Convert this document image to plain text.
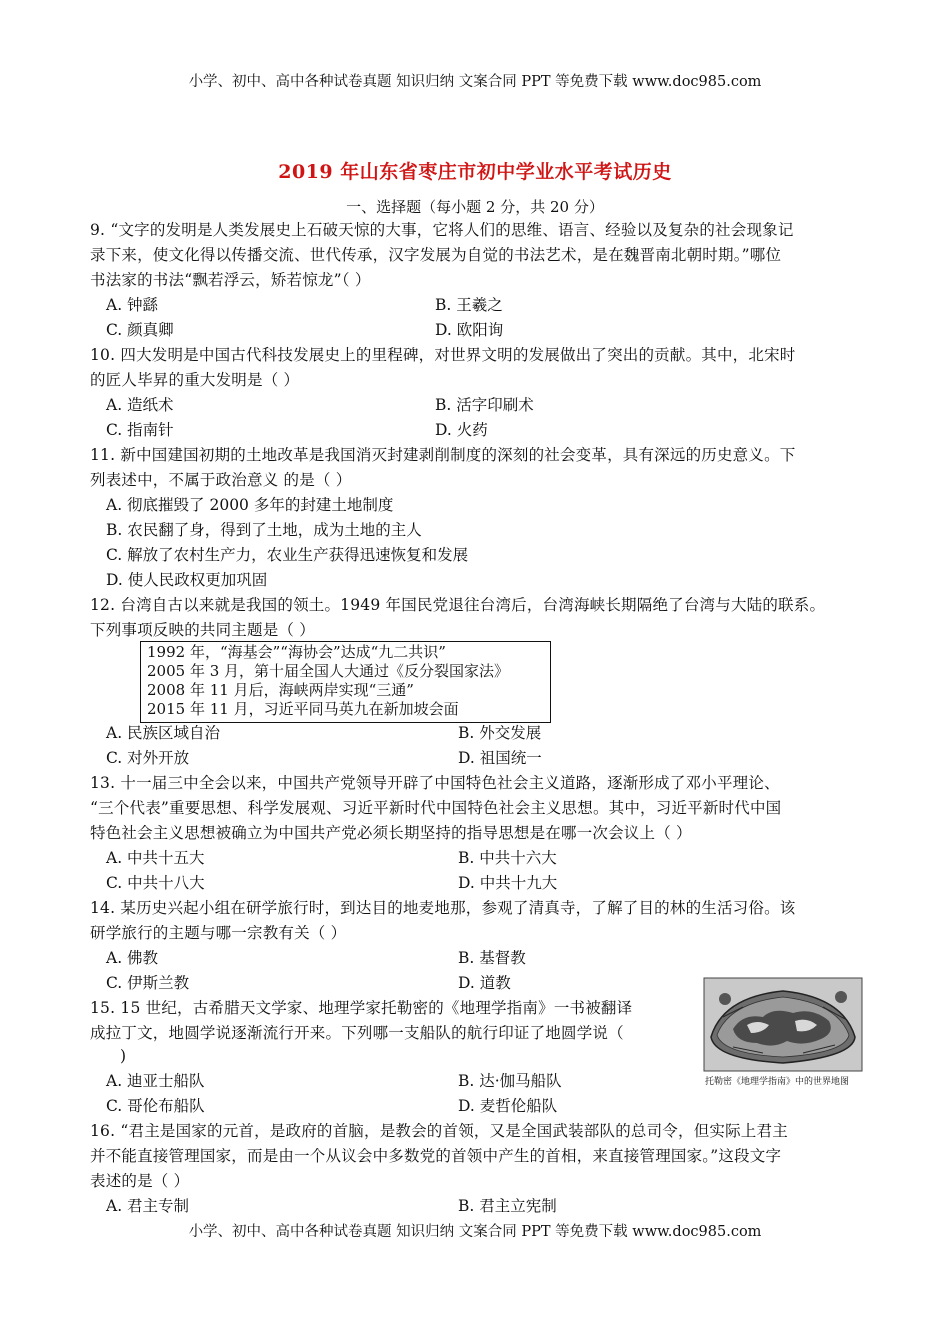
小学、初中、高中各种试卷真题 知识归纳 文案合同 PPT 等免费下载 www.doc985.com
2019 年山东省枣庄市初中学业水平考试历史
一、选择题（每小题 2 分，共 20 分）
9. “文字的发明是人类发展史上石破天惊的大事，它将人们的思维、语言、经验以及复杂的社会现象记
录下来，使文化得以传播交流、世代传承，汉字发展为自觉的书法艺术，是在魏晋南北朝时期。”哪位
书法家的书法“飘若浮云，矫若惊龙”（ ）
A. 钟繇	B. 王羲之
C. 颜真卿	D. 欧阳询
10. 四大发明是中国古代科技发展史上的里程碑，对世界文明的发展做出了突出的贡献。其中，北宋时
的匠人毕昇的重大发明是（ ）
A. 造纸术	B. 活字印刷术
C. 指南针	D. 火药
11. 新中国建国初期的土地改革是我国消灭封建剥削制度的深刻的社会变革，具有深远的历史意义。下
列表述中，不属于政治意义 的是（ ）
A. 彻底摧毁了 2000 多年的封建土地制度
B. 农民翻了身，得到了土地，成为土地的主人
C. 解放了农村生产力，农业生产获得迅速恢复和发展
D. 使人民政权更加巩固
12. 台湾自古以来就是我国的领土。1949 年国民党退往台湾后，台湾海峡长期隔绝了台湾与大陆的联系。
下列事项反映的共同主题是（ ）
1992 年，“海基会”“海协会”达成“九二共识”
2005 年 3 月，第十届全国人大通过《反分裂国家法》
2008 年 11 月后，海峡两岸实现“三通”
2015 年 11 月，习近平同马英九在新加坡会面
A. 民族区域自治	B. 外交发展
C. 对外开放	D. 祖国统一
13. 十一届三中全会以来，中国共产党领导开辟了中国特色社会主义道路，逐渐形成了邓小平理论、
“三个代表”重要思想、科学发展观、习近平新时代中国特色社会主义思想。其中，习近平新时代中国
特色社会主义思想被确立为中国共产党必须长期坚持的指导思想是在哪一次会议上（ ）
A. 中共十五大	B. 中共十六大
C. 中共十八大	D. 中共十九大
14. 某历史兴起小组在研学旅行时，到达目的地麦地那，参观了清真寺，了解了目的林的生活习俗。该
研学旅行的主题与哪一宗教有关（ ）
A. 佛教	B. 基督教
C. 伊斯兰教	D. 道教
15. 15 世纪，古希腊天文学家、地理学家托勒密的《地理学指南》一书被翻译
成拉丁文，地圆学说逐渐流行开来。下列哪一支船队的航行印证了地圆学说（
)
托勒密《地理学指南》中的世界地图
A. 迪亚士船队	B. 达·伽马船队
C. 哥伦布船队	D. 麦哲伦船队
16. “君主是国家的元首，是政府的首脑，是教会的首领，又是全国武装部队的总司令，但实际上君主
并不能直接管理国家，而是由一个从议会中多数党的首领中产生的首相，来直接管理国家。”这段文字
表述的是（ ）
A. 君主专制	B. 君主立宪制
小学、初中、高中各种试卷真题 知识归纳 文案合同 PPT 等免费下载 www.doc985.com
